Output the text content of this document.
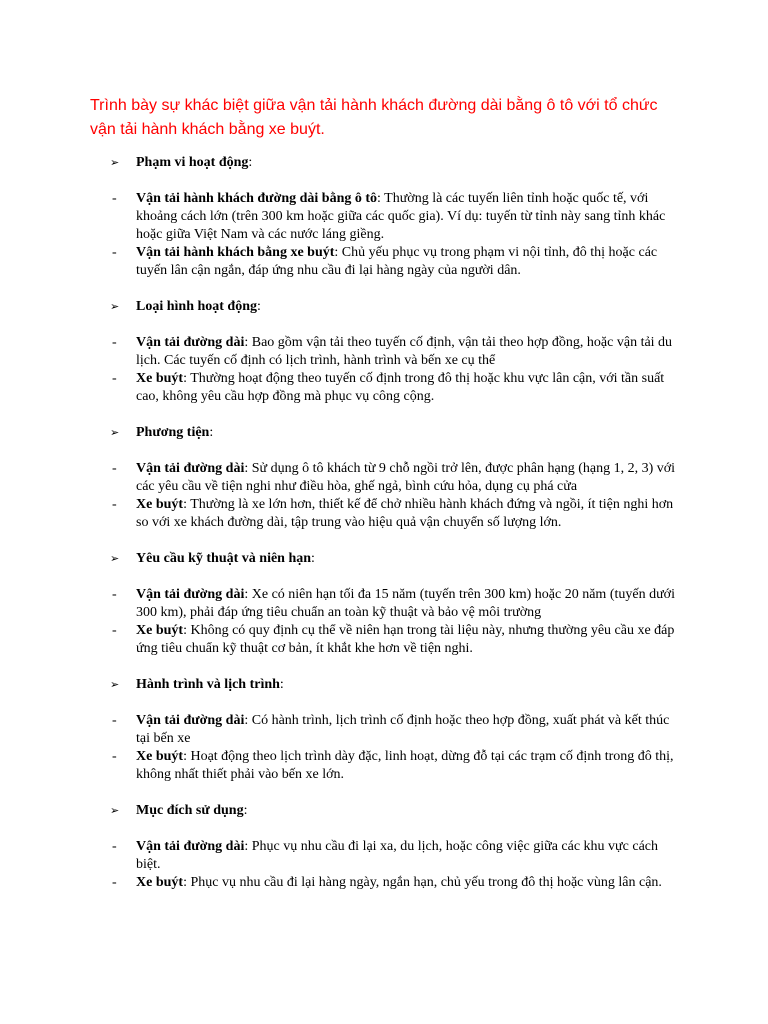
Trình bày sự khác biệt giữa vận tải hành khách đường dài bằng ô tô với tổ chức vận tải hành khách bằng xe buýt.
➢ Phạm vi hoạt động:
- Vận tải hành khách đường dài bằng ô tô: Thường là các tuyến liên tỉnh hoặc quốc tế, với khoảng cách lớn (trên 300 km hoặc giữa các quốc gia). Ví dụ: tuyến từ tỉnh này sang tỉnh khác hoặc giữa Việt Nam và các nước láng giềng.
- Vận tải hành khách bằng xe buýt: Chủ yếu phục vụ trong phạm vi nội tỉnh, đô thị hoặc các tuyến lân cận ngắn, đáp ứng nhu cầu đi lại hàng ngày của người dân.
➢ Loại hình hoạt động:
- Vận tải đường dài: Bao gồm vận tải theo tuyến cố định, vận tải theo hợp đồng, hoặc vận tải du lịch. Các tuyến cố định có lịch trình, hành trình và bến xe cụ thể
- Xe buýt: Thường hoạt động theo tuyến cố định trong đô thị hoặc khu vực lân cận, với tần suất cao, không yêu cầu hợp đồng mà phục vụ công cộng.
➢ Phương tiện:
- Vận tải đường dài: Sử dụng ô tô khách từ 9 chỗ ngồi trở lên, được phân hạng (hạng 1, 2, 3) với các yêu cầu về tiện nghi như điều hòa, ghế ngả, bình cứu hỏa, dụng cụ phá cửa
- Xe buýt: Thường là xe lớn hơn, thiết kế để chở nhiều hành khách đứng và ngồi, ít tiện nghi hơn so với xe khách đường dài, tập trung vào hiệu quả vận chuyển số lượng lớn.
➢ Yêu cầu kỹ thuật và niên hạn:
- Vận tải đường dài: Xe có niên hạn tối đa 15 năm (tuyến trên 300 km) hoặc 20 năm (tuyến dưới 300 km), phải đáp ứng tiêu chuẩn an toàn kỹ thuật và bảo vệ môi trường
- Xe buýt: Không có quy định cụ thể về niên hạn trong tài liệu này, nhưng thường yêu cầu xe đáp ứng tiêu chuẩn kỹ thuật cơ bản, ít khắt khe hơn về tiện nghi.
➢ Hành trình và lịch trình:
- Vận tải đường dài: Có hành trình, lịch trình cố định hoặc theo hợp đồng, xuất phát và kết thúc tại bến xe
- Xe buýt: Hoạt động theo lịch trình dày đặc, linh hoạt, dừng đỗ tại các trạm cố định trong đô thị, không nhất thiết phải vào bến xe lớn.
➢ Mục đích sử dụng:
- Vận tải đường dài: Phục vụ nhu cầu đi lại xa, du lịch, hoặc công việc giữa các khu vực cách biệt.
- Xe buýt: Phục vụ nhu cầu đi lại hàng ngày, ngắn hạn, chủ yếu trong đô thị hoặc vùng lân cận.
